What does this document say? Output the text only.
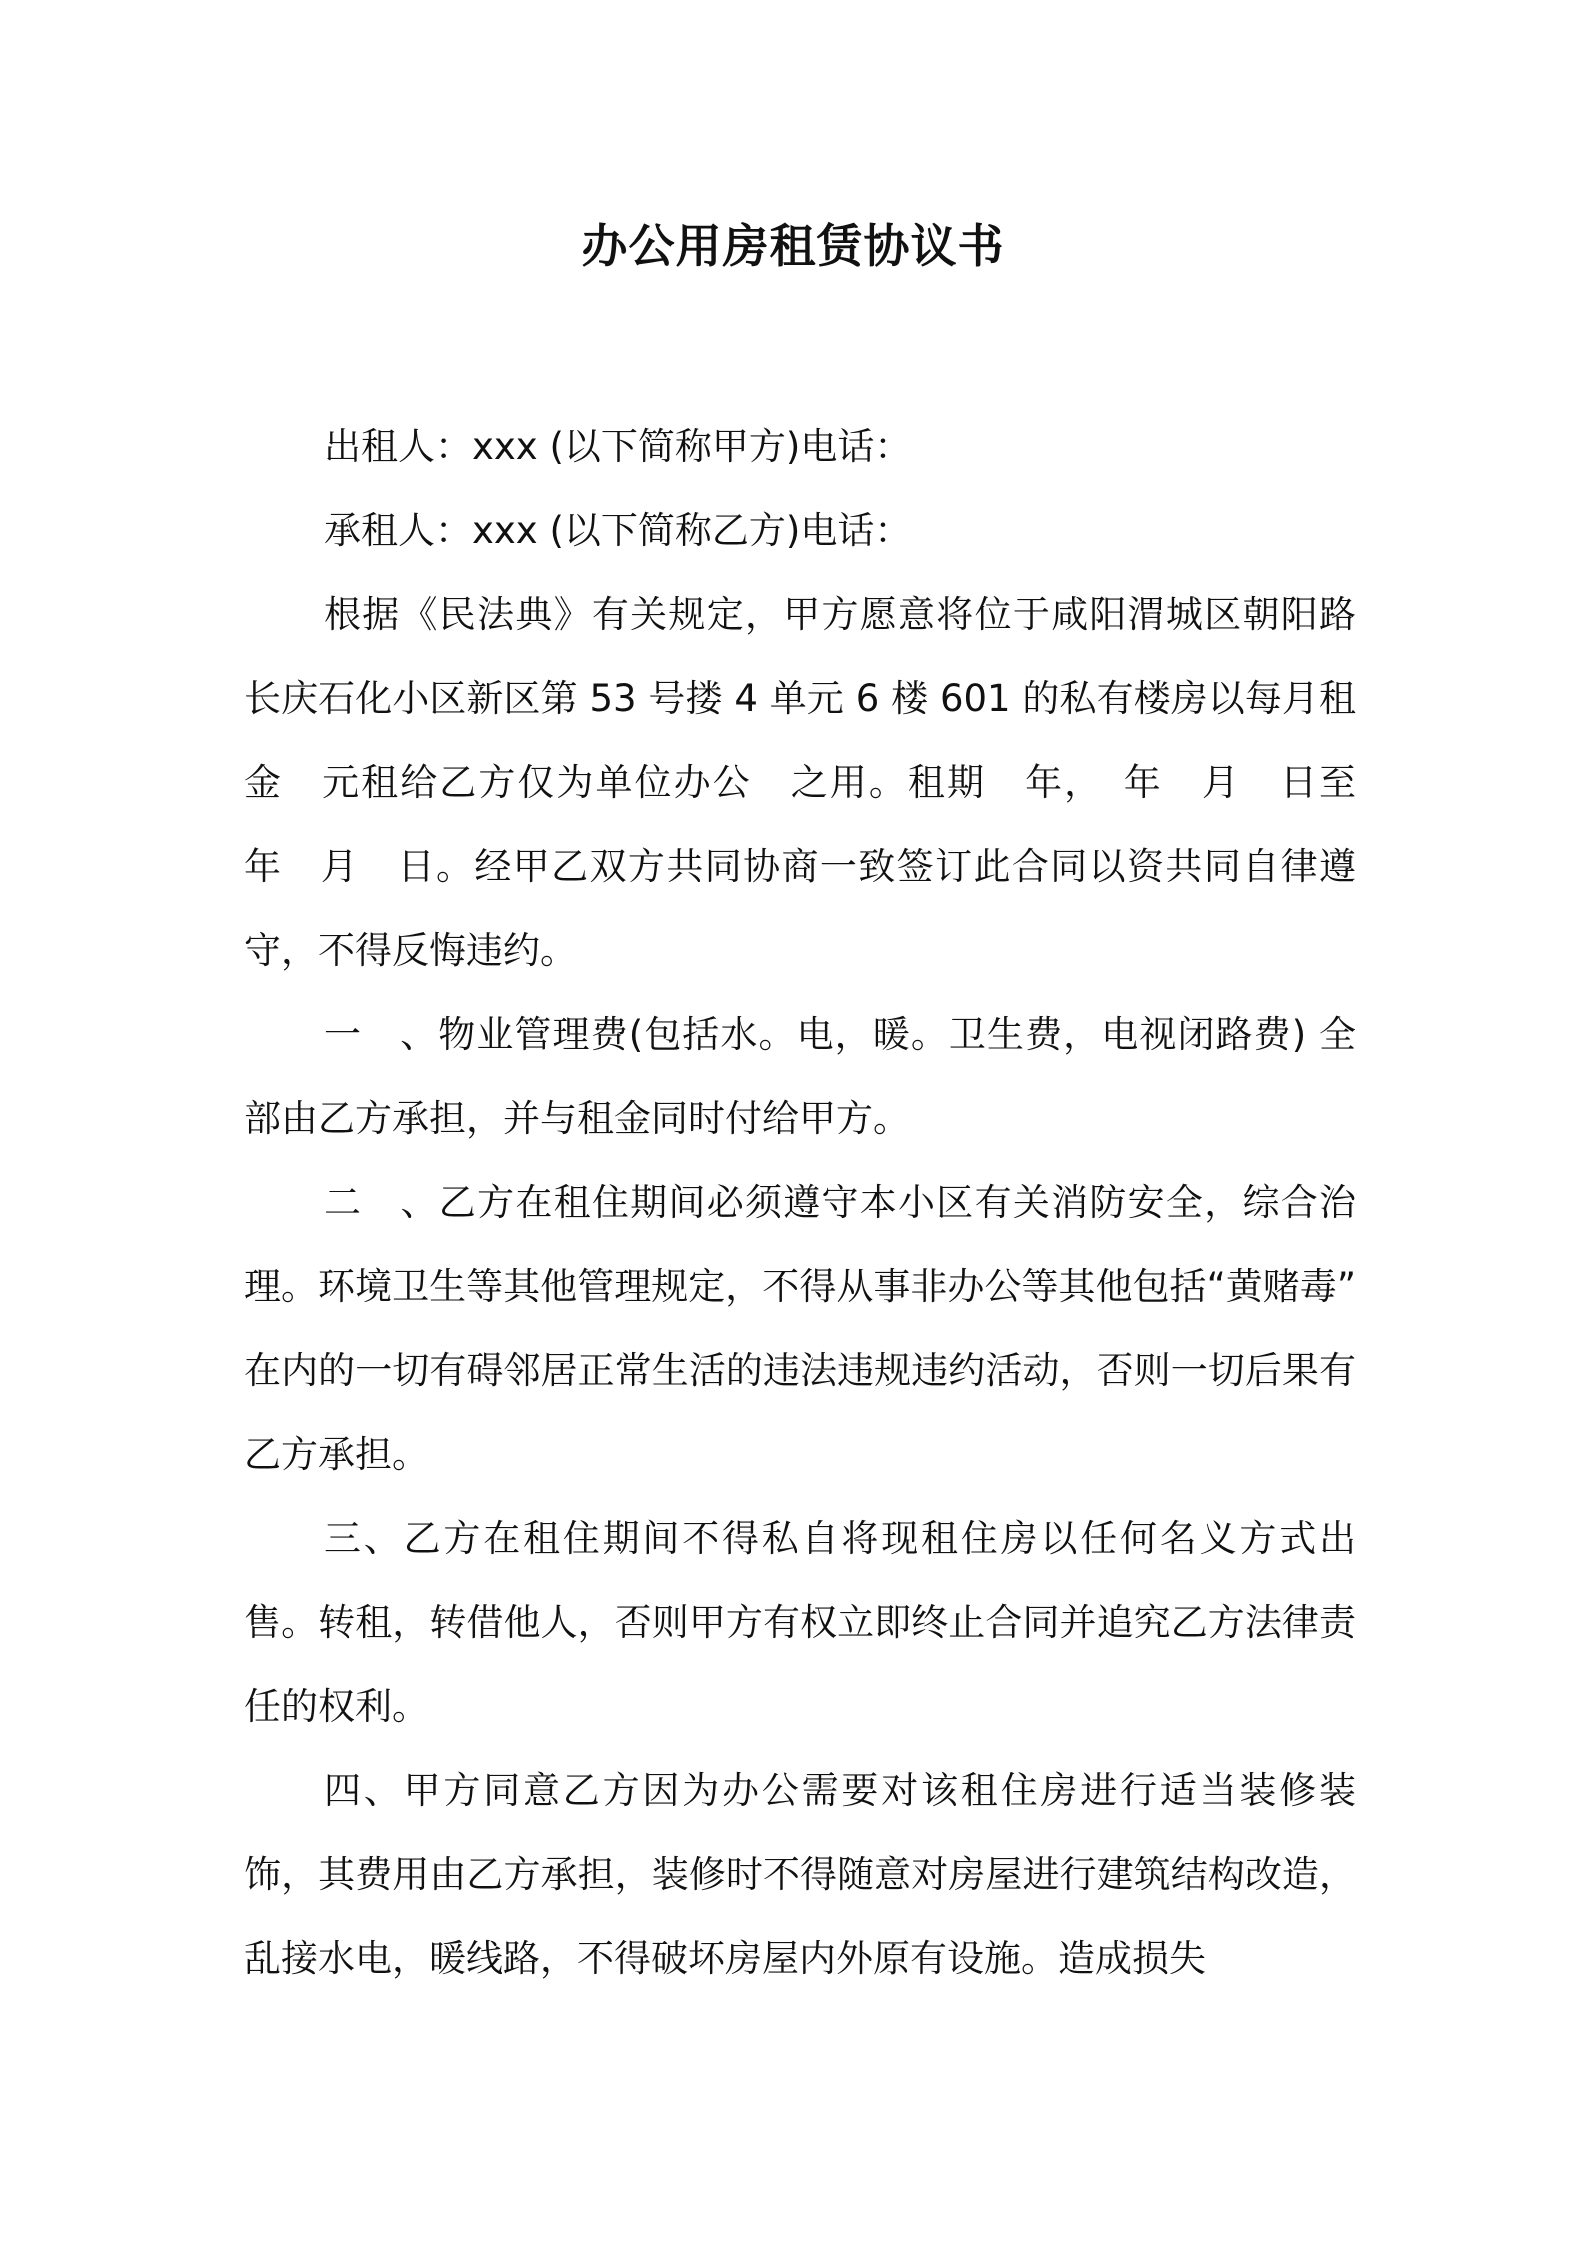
办公用房租赁协议书

出租人：xxx (以下简称甲方)电话：

承租人：xxx (以下简称乙方)电话：

根据《民法典》有关规定，甲方愿意将位于咸阳渭城区朝阳路长庆石化小区新区第 53 号搂 4 单元 6 楼 601 的私有楼房以每月租金　元租给乙方仅为单位办公　之用。租期　年，　年　月　日至　年　月　日。经甲乙双方共同协商一致签订此合同以资共同自律遵守，不得反悔违约。

一　、物业管理费(包括水。电，暖。卫生费，电视闭路费) 全部由乙方承担，并与租金同时付给甲方。

二　、乙方在租住期间必须遵守本小区有关消防安全，综合治理。环境卫生等其他管理规定，不得从事非办公等其他包括“黄赌毒” 在内的一切有碍邻居正常生活的违法违规违约活动，否则一切后果有乙方承担。

三、乙方在租住期间不得私自将现租住房以任何名义方式出售。转租，转借他人，否则甲方有权立即终止合同并追究乙方法律责任的权利。

四、甲方同意乙方因为办公需要对该租住房进行适当装修装饰，其费用由乙方承担，装修时不得随意对房屋进行建筑结构改造，乱接水电，暖线路，不得破坏房屋内外原有设施。造成损失
